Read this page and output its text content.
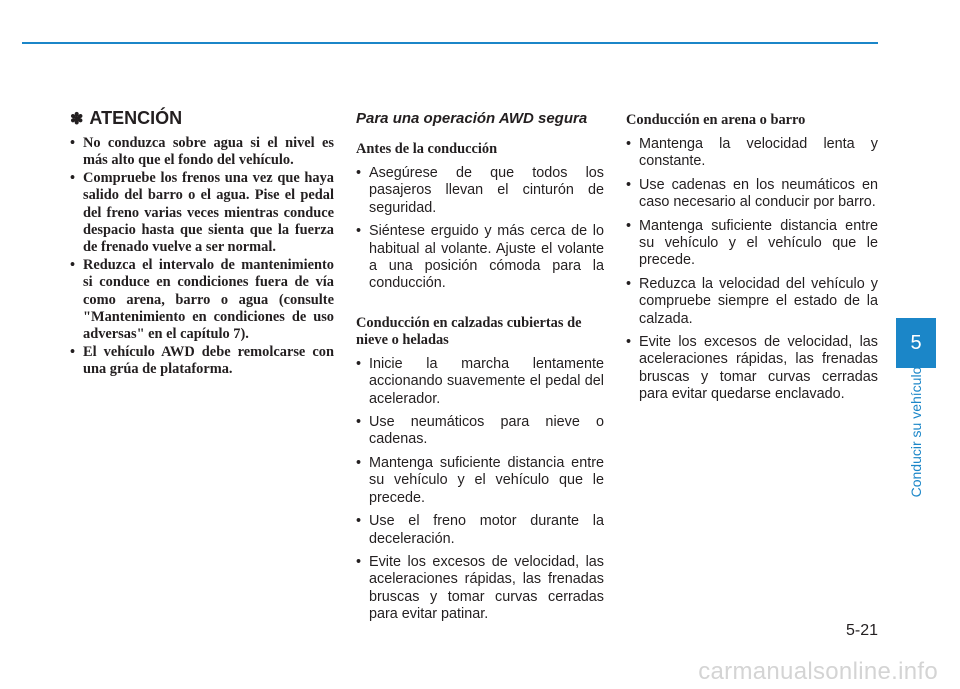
✽ ATENCIÓN
• No conduzca sobre agua si el nivel es más alto que el fondo del vehículo.
• Compruebe los frenos una vez que haya salido del barro o el agua. Pise el pedal del freno varias veces mientras conduce despacio hasta que sienta que la fuerza de frenado vuelve a ser normal.
• Reduzca el intervalo de mantenimiento si conduce en condiciones fuera de vía como arena, barro o agua (consulte "Mantenimiento en condiciones de uso adversas" en el capítulo 7).
• El vehículo AWD debe remolcarse con una grúa de plataforma.
Para una operación AWD segura
Antes de la conducción
• Asegúrese de que todos los pasajeros llevan el cinturón de seguridad.
• Siéntese erguido y más cerca de lo habitual al volante. Ajuste el volante a una posición cómoda para la conducción.
Conducción en calzadas cubiertas de nieve o heladas
• Inicie la marcha lentamente accionando suavemente el pedal del acelerador.
• Use neumáticos para nieve o cadenas.
• Mantenga suficiente distancia entre su vehículo y el vehículo que le precede.
• Use el freno motor durante la deceleración.
• Evite los excesos de velocidad, las aceleraciones rápidas, las frenadas bruscas y tomar curvas cerradas para evitar patinar.
Conducción en arena o barro
• Mantenga la velocidad lenta y constante.
• Use cadenas en los neumáticos en caso necesario al conducir por barro.
• Mantenga suficiente distancia entre su vehículo y el vehículo que le precede.
• Reduzca la velocidad del vehículo y compruebe siempre el estado de la calzada.
• Evite los excesos de velocidad, las aceleraciones rápidas, las frenadas bruscas y tomar curvas cerradas para evitar quedarse enclavado.
5
Conducir su vehículo
5-21
carmanualsonline.info
